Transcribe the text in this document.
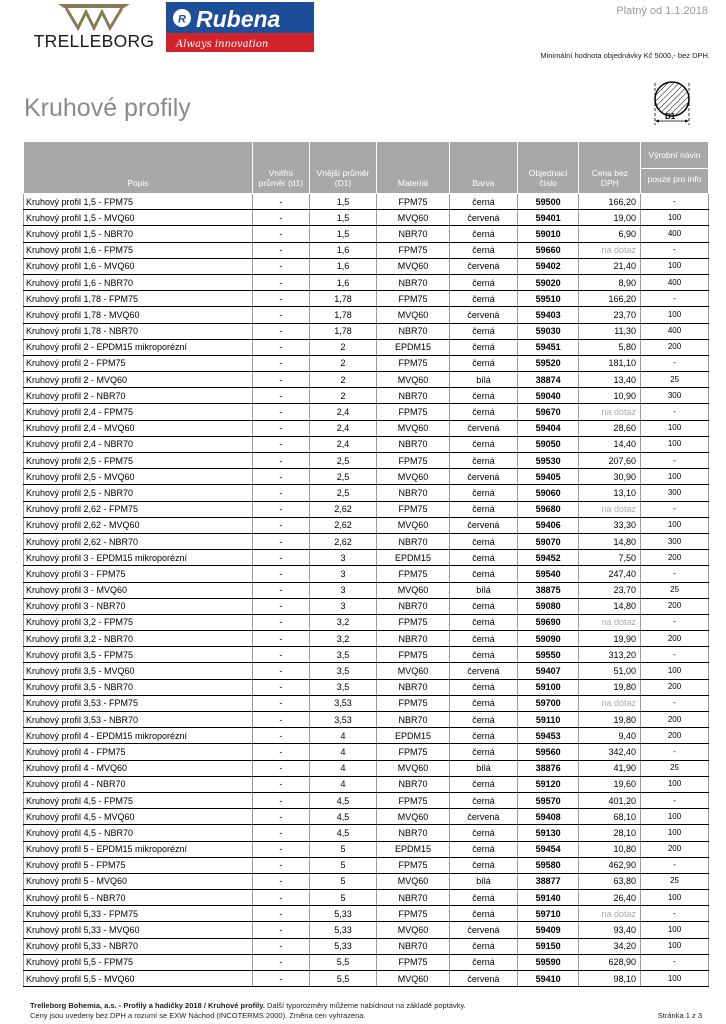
Platný od 1.1.2018
TRELLEBORG
R Rubena
Always innovation
Minimální hodnota objednávky Kč 5000,- bez DPH.
Kruhové profily	D1
Popis	Vnitřní průměr (d1)	Vnější průměr (D1)	Materiál	Barva	Objednací číslo	Cena bez DPH	Výrobní návin
pouze pro info

Kruhový profil 1,5 - FPM75	-	1,5	FPM75	černá	59500	166,20	-
Kruhový profil 1,5 - MVQ60	-	1,5	MVQ60	červená	59401	19,00	100
Kruhový profil 1,5 - NBR70	-	1,5	NBR70	černá	59010	6,90	400
Kruhový profil 1,6 - FPM75	-	1,6	FPM75	černá	59660	na dotaz	-
Kruhový profil 1,6 - MVQ60	-	1,6	MVQ60	červená	59402	21,40	100
Kruhový profil 1,6 - NBR70	-	1,6	NBR70	černá	59020	8,90	400
Kruhový profil 1,78 - FPM75	-	1,78	FPM75	černá	59510	166,20	-
Kruhový profil 1,78 - MVQ60	-	1,78	MVQ60	červená	59403	23,70	100
Kruhový profil 1,78 - NBR70	-	1,78	NBR70	černá	59030	11,30	400
Kruhový profil 2 - EPDM15 mikroporézní	-	2	EPDM15	černá	59451	5,80	200
Kruhový profil 2 - FPM75	-	2	FPM75	černá	59520	181,10	-
Kruhový profil 2 - MVQ60	-	2	MVQ60	bílá	38874	13,40	25
Kruhový profil 2 - NBR70	-	2	NBR70	černá	59040	10,90	300
Kruhový profil 2,4 - FPM75	-	2,4	FPM75	černá	59670	na dotaz	-
Kruhový profil 2,4 - MVQ60	-	2,4	MVQ60	červená	59404	28,60	100
Kruhový profil 2,4 - NBR70	-	2,4	NBR70	černá	59050	14,40	100
Kruhový profil 2,5 - FPM75	-	2,5	FPM75	černá	59530	207,60	-
Kruhový profil 2,5 - MVQ60	-	2,5	MVQ60	červená	59405	30,90	100
Kruhový profil 2,5 - NBR70	-	2,5	NBR70	černá	59060	13,10	300
Kruhový profil 2,62 - FPM75	-	2,62	FPM75	černá	59680	na dotaz	-
Kruhový profil 2,62 - MVQ60	-	2,62	MVQ60	červená	59406	33,30	100
Kruhový profil 2,62 - NBR70	-	2,62	NBR70	černá	59070	14,80	300
Kruhový profil 3 - EPDM15 mikroporézní	-	3	EPDM15	černá	59452	7,50	200
Kruhový profil 3 - FPM75	-	3	FPM75	černá	59540	247,40	-
Kruhový profil 3 - MVQ60	-	3	MVQ60	bílá	38875	23,70	25
Kruhový profil 3 - NBR70	-	3	NBR70	černá	59080	14,80	200
Kruhový profil 3,2 - FPM75	-	3,2	FPM75	černá	59690	na dotaz	-
Kruhový profil 3,2 - NBR70	-	3,2	NBR70	černá	59090	19,90	200
Kruhový profil 3,5 - FPM75	-	3,5	FPM75	černá	59550	313,20	-
Kruhový profil 3,5 - MVQ60	-	3,5	MVQ60	červená	59407	51,00	100
Kruhový profil 3,5 - NBR70	-	3,5	NBR70	černá	59100	19,80	200
Kruhový profil 3,53 - FPM75	-	3,53	FPM75	černá	59700	na dotaz	-
Kruhový profil 3,53 - NBR70	-	3,53	NBR70	černá	59110	19,80	200
Kruhový profil 4 - EPDM15 mikroporézní	-	4	EPDM15	černá	59453	9,40	200
Kruhový profil 4 - FPM75	-	4	FPM75	černá	59560	342,40	-
Kruhový profil 4 - MVQ60	-	4	MVQ60	bílá	38876	41,90	25
Kruhový profil 4 - NBR70	-	4	NBR70	černá	59120	19,60	100
Kruhový profil 4,5 - FPM75	-	4,5	FPM75	černá	59570	401,20	-
Kruhový profil 4,5 - MVQ60	-	4,5	MVQ60	červená	59408	68,10	100
Kruhový profil 4,5 - NBR70	-	4,5	NBR70	černá	59130	28,10	100
Kruhový profil 5 - EPDM15 mikroporézní	-	5	EPDM15	černá	59454	10,80	200
Kruhový profil 5 - FPM75	-	5	FPM75	černá	59580	462,90	-
Kruhový profil 5 - MVQ60	-	5	MVQ60	bílá	38877	63,80	25
Kruhový profil 5 - NBR70	-	5	NBR70	černá	59140	26,40	100
Kruhový profil 5,33 - FPM75	-	5,33	FPM75	černá	59710	na dotaz	-
Kruhový profil 5,33 - MVQ60	-	5,33	MVQ60	červená	59409	93,40	100
Kruhový profil 5,33 - NBR70	-	5,33	NBR70	černá	59150	34,20	100
Kruhový profil 5,5 - FPM75	-	5,5	FPM75	černá	59590	628,90	-
Kruhový profil 5,5 - MVQ60	-	5,5	MVQ60	červená	59410	98,10	100
Trelleborg Bohemia, a.s. - Profily a hadičky 2018 / Kruhové profily. Další typorozměry můžeme nabídnout na základě poptávky.
Ceny jsou uvedeny bez DPH a rozumí se EXW Náchod (INCOTERMS 2000). Změna cen vyhrazena.	Stránka 1 z 3
